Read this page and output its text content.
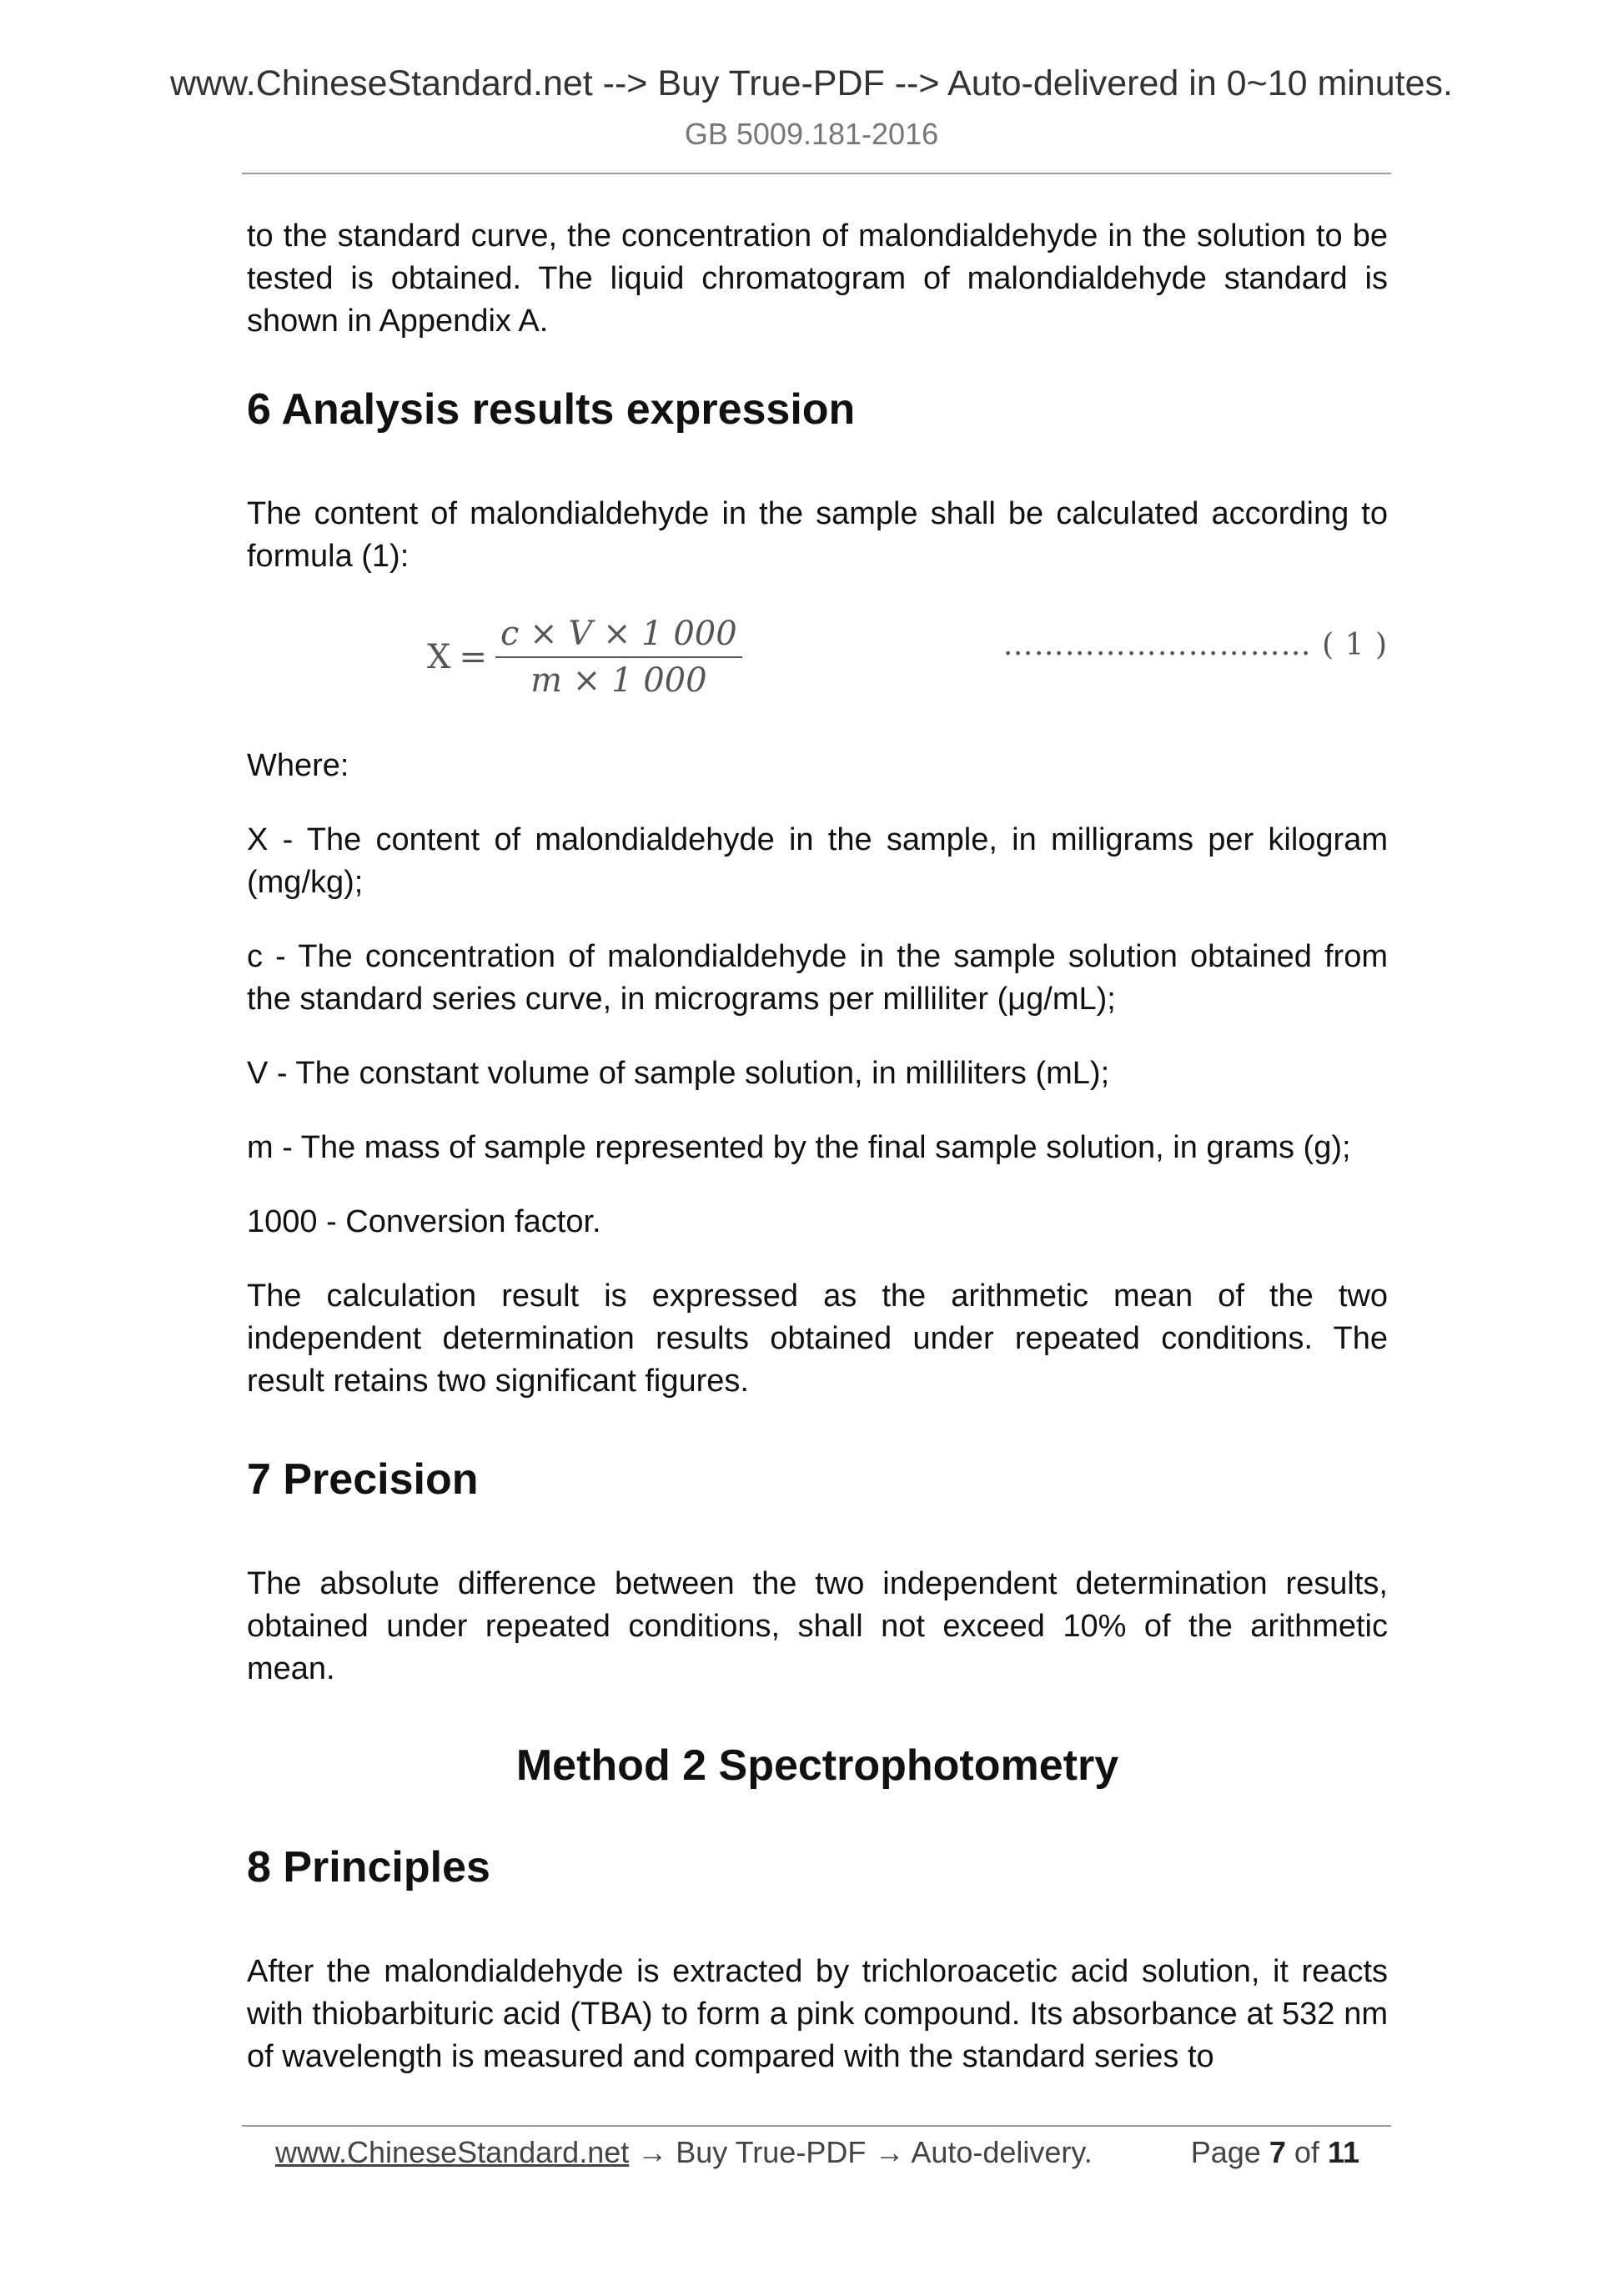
www.ChineseStandard.net --> Buy True-PDF --> Auto-delivered in 0~10 minutes.
GB 5009.181-2016

to the standard curve, the concentration of malondialdehyde in the solution to be tested is obtained. The liquid chromatogram of malondialdehyde standard is shown in Appendix A.

6 Analysis results expression

The content of malondialdehyde in the sample shall be calculated according to formula (1):

$X = \frac{c \times V \times 1 000}{m \times 1 000}$	………………………… ( 1 )

Where:

X - The content of malondialdehyde in the sample, in milligrams per kilogram (mg/kg);

c - The concentration of malondialdehyde in the sample solution obtained from the standard series curve, in micrograms per milliliter (μg/mL);

V - The constant volume of sample solution, in milliliters (mL);

m - The mass of sample represented by the final sample solution, in grams (g);

1000 - Conversion factor.

The calculation result is expressed as the arithmetic mean of the two independent determination results obtained under repeated conditions. The result retains two significant figures.

7 Precision

The absolute difference between the two independent determination results, obtained under repeated conditions, shall not exceed 10% of the arithmetic mean.

Method 2 Spectrophotometry
8 Principles

After the malondialdehyde is extracted by trichloroacetic acid solution, it reacts with thiobarbituric acid (TBA) to form a pink compound. Its absorbance at 532 nm of wavelength is measured and compared with the standard series to

www.ChineseStandard.net → Buy True-PDF → Auto-delivery.	Page 7 of 11
